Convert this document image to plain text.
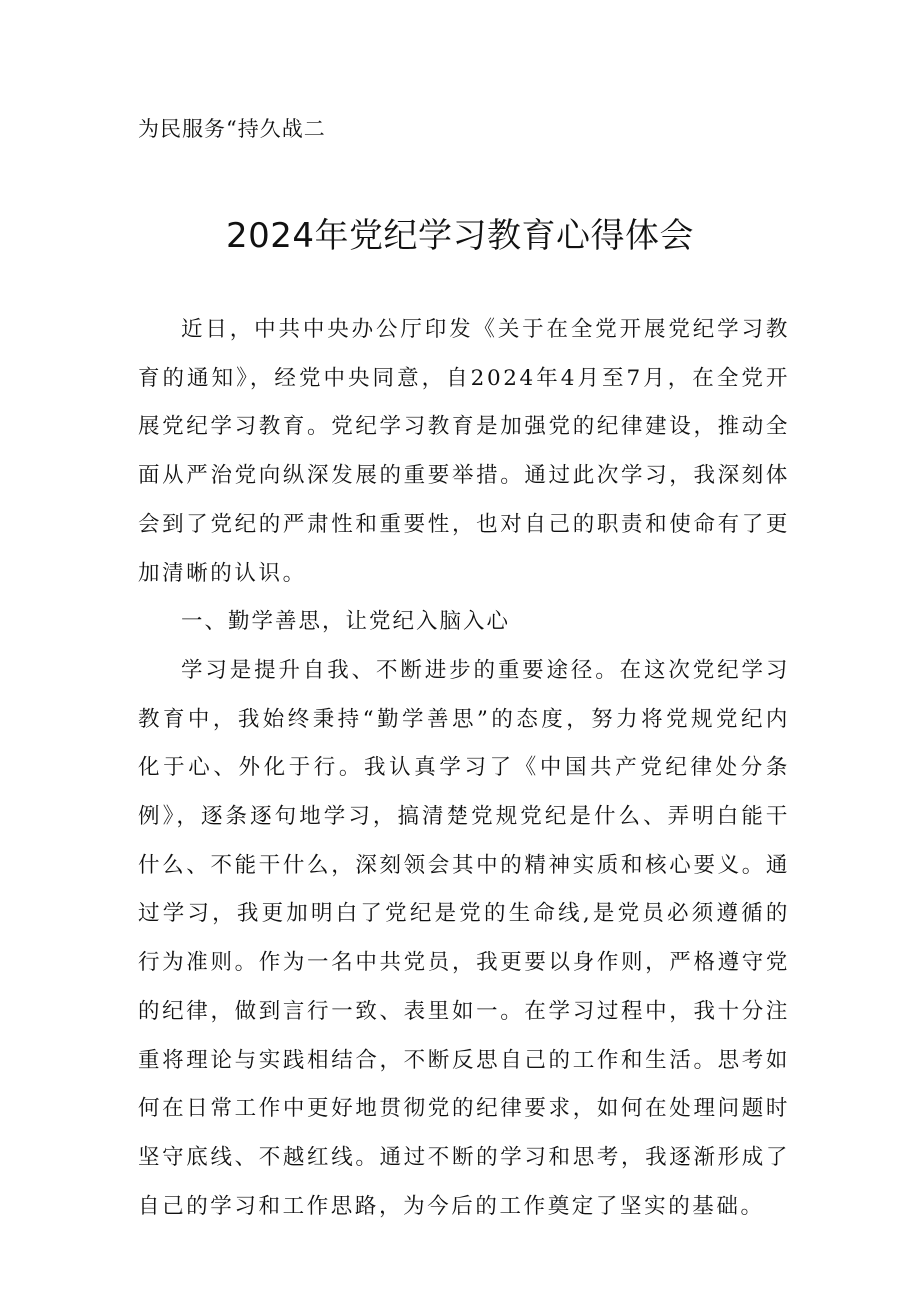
为民服务“持久战二
2024年党纪学习教育心得体会

近日，中共中央办公厅印发《关于在全党开展党纪学习教育的通知》，经党中央同意，自2024年4月至7月，在全党开展党纪学习教育。党纪学习教育是加强党的纪律建设，推动全面从严治党向纵深发展的重要举措。通过此次学习，我深刻体会到了党纪的严肃性和重要性，也对自己的职责和使命有了更加清晰的认识。

一、勤学善思，让党纪入脑入心

学习是提升自我、不断进步的重要途径。在这次党纪学习教育中，我始终秉持“勤学善思”的态度，努力将党规党纪内化于心、外化于行。我认真学习了《中国共产党纪律处分条例》，逐条逐句地学习，搞清楚党规党纪是什么、弄明白能干什么、不能干什么，深刻领会其中的精神实质和核心要义。通过学习，我更加明白了党纪是党的生命线,是党员必须遵循的行为准则。作为一名中共党员，我更要以身作则，严格遵守党的纪律，做到言行一致、表里如一。在学习过程中，我十分注重将理论与实践相结合，不断反思自己的工作和生活。思考如何在日常工作中更好地贯彻党的纪律要求，如何在处理问题时坚守底线、不越红线。通过不断的学习和思考，我逐渐形成了自己的学习和工作思路，为今后的工作奠定了坚实的基础。
